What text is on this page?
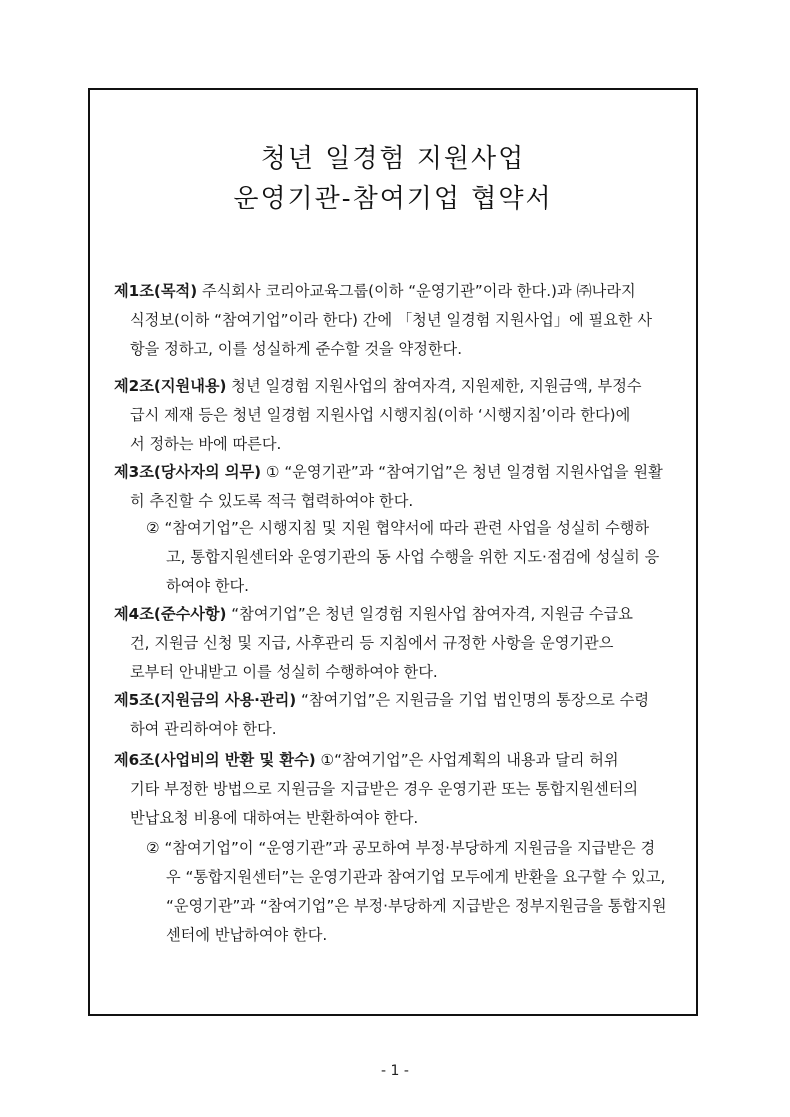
청년 일경험 지원사업
운영기관-참여기업 협약서

제1조(목적) 주식회사 코리아교육그룹(이하 “운영기관”이라 한다.)과 ㈜나라지
식정보(이하 “참여기업”이라 한다) 간에 「청년 일경험 지원사업」에 필요한 사
항을 정하고, 이를 성실하게 준수할 것을 약정한다.

제2조(지원내용) 청년 일경험 지원사업의 참여자격, 지원제한, 지원금액, 부정수
급시 제재 등은 청년 일경험 지원사업 시행지침(이하 ‘시행지침’이라 한다)에
서 정하는 바에 따른다.

제3조(당사자의 의무) ① “운영기관”과 “참여기업”은 청년 일경험 지원사업을 원활
히 추진할 수 있도록 적극 협력하여야 한다.

② “참여기업”은 시행지침 및 지원 협약서에 따라 관련 사업을 성실히 수행하
고, 통합지원센터와 운영기관의 동 사업 수행을 위한 지도·점검에 성실히 응
하여야 한다.

제4조(준수사항) “참여기업”은 청년 일경험 지원사업 참여자격, 지원금 수급요
건, 지원금 신청 및 지급, 사후관리 등 지침에서 규정한 사항을 운영기관으
로부터 안내받고 이를 성실히 수행하여야 한다.

제5조(지원금의 사용·관리) “참여기업”은 지원금을 기업 법인명의 통장으로 수령
하여 관리하여야 한다.

제6조(사업비의 반환 및 환수) ①“참여기업”은 사업계획의 내용과 달리 허위
기타 부정한 방법으로 지원금을 지급받은 경우 운영기관 또는 통합지원센터의
반납요청 비용에 대하여는 반환하여야 한다.

② “참여기업”이 “운영기관”과 공모하여 부정·부당하게 지원금을 지급받은 경
우 “통합지원센터”는 운영기관과 참여기업 모두에게 반환을 요구할 수 있고,
“운영기관”과 “참여기업”은 부정·부당하게 지급받은 정부지원금을 통합지원
센터에 반납하여야 한다.

- 1 -
